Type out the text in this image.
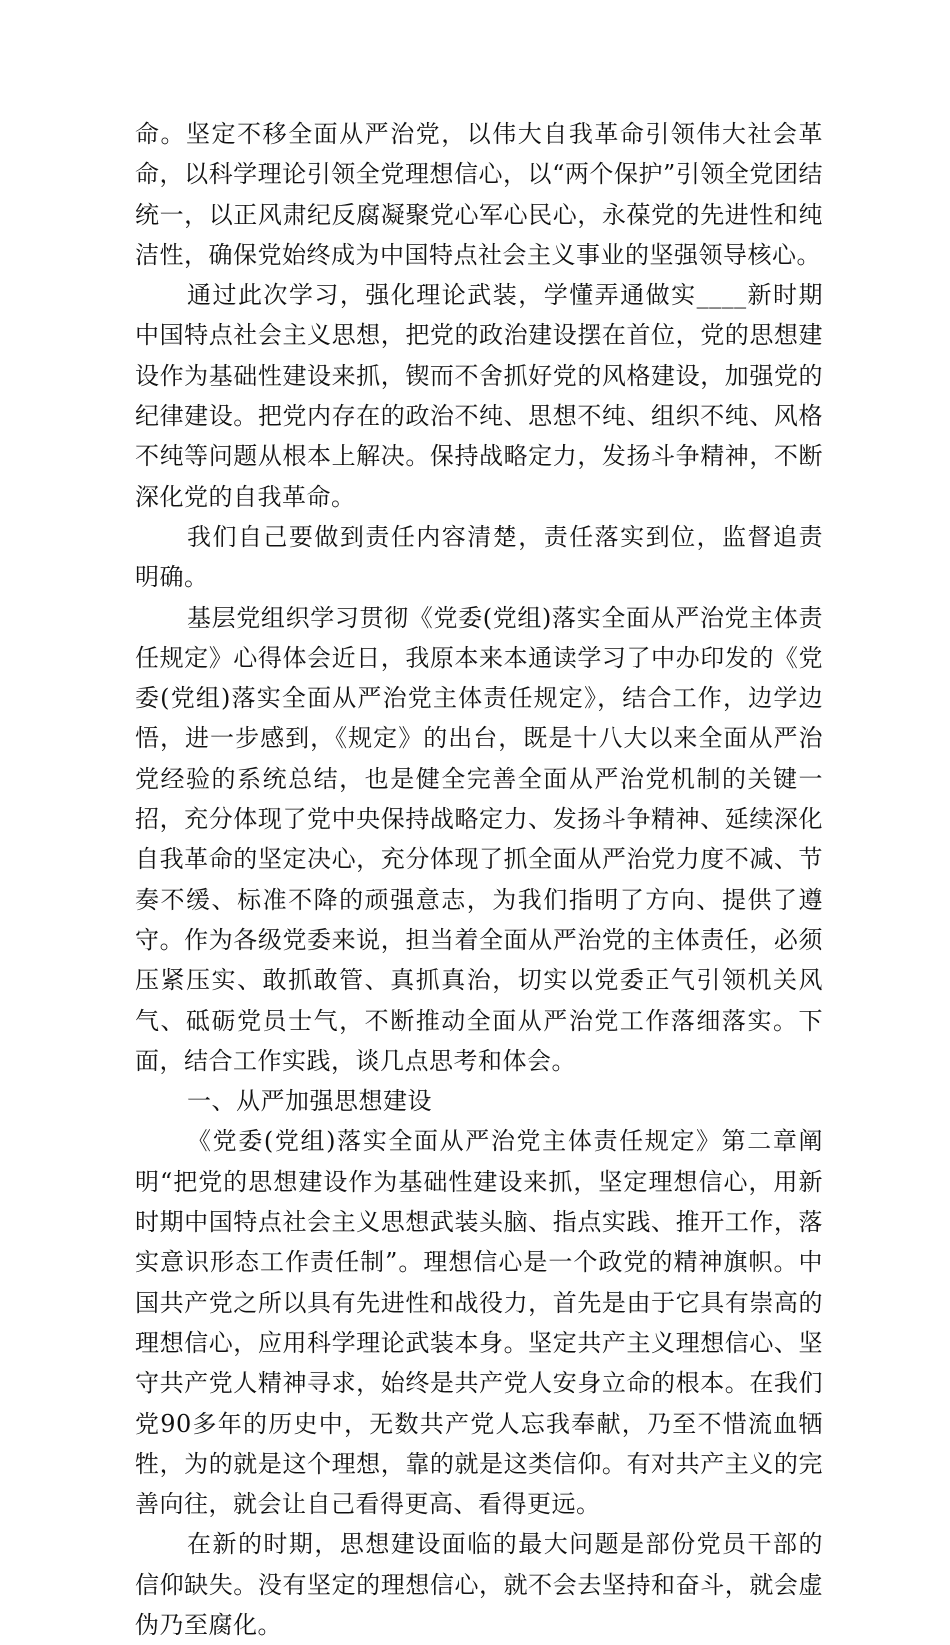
命。坚定不移全面从严治党，以伟大自我革命引领伟大社会革命，以科学理论引领全党理想信心，以“两个保护”引领全党团结统一，以正风肃纪反腐凝聚党心军心民心，永葆党的先进性和纯洁性，确保党始终成为中国特点社会主义事业的坚强领导核心。

通过此次学习，强化理论武装，学懂弄通做实____新时期中国特点社会主义思想，把党的政治建设摆在首位，党的思想建设作为基础性建设来抓，锲而不舍抓好党的风格建设，加强党的纪律建设。把党内存在的政治不纯、思想不纯、组织不纯、风格不纯等问题从根本上解决。保持战略定力，发扬斗争精神，不断深化党的自我革命。

我们自己要做到责任内容清楚，责任落实到位，监督追责明确。

基层党组织学习贯彻《党委(党组)落实全面从严治党主体责任规定》心得体会近日，我原本来本通读学习了中办印发的《党委(党组)落实全面从严治党主体责任规定》，结合工作，边学边悟，进一步感到，《规定》的出台，既是十八大以来全面从严治党经验的系统总结，也是健全完善全面从严治党机制的关键一招，充分体现了党中央保持战略定力、发扬斗争精神、延续深化自我革命的坚定决心，充分体现了抓全面从严治党力度不减、节奏不缓、标准不降的顽强意志，为我们指明了方向、提供了遵守。作为各级党委来说，担当着全面从严治党的主体责任，必须压紧压实、敢抓敢管、真抓真治，切实以党委正气引领机关风气、砥砺党员士气，不断推动全面从严治党工作落细落实。下面，结合工作实践，谈几点思考和体会。

一、从严加强思想建设

《党委(党组)落实全面从严治党主体责任规定》第二章阐明“把党的思想建设作为基础性建设来抓，坚定理想信心，用新时期中国特点社会主义思想武装头脑、指点实践、推开工作，落实意识形态工作责任制”。理想信心是一个政党的精神旗帜。中国共产党之所以具有先进性和战役力，首先是由于它具有崇高的理想信心，应用科学理论武装本身。坚定共产主义理想信心、坚守共产党人精神寻求，始终是共产党人安身立命的根本。在我们党90多年的历史中，无数共产党人忘我奉献，乃至不惜流血牺牲，为的就是这个理想，靠的就是这类信仰。有对共产主义的完善向往，就会让自己看得更高、看得更远。

在新的时期，思想建设面临的最大问题是部份党员干部的信仰缺失。没有坚定的理想信心，就不会去坚持和奋斗，就会虚伪乃至腐化。
